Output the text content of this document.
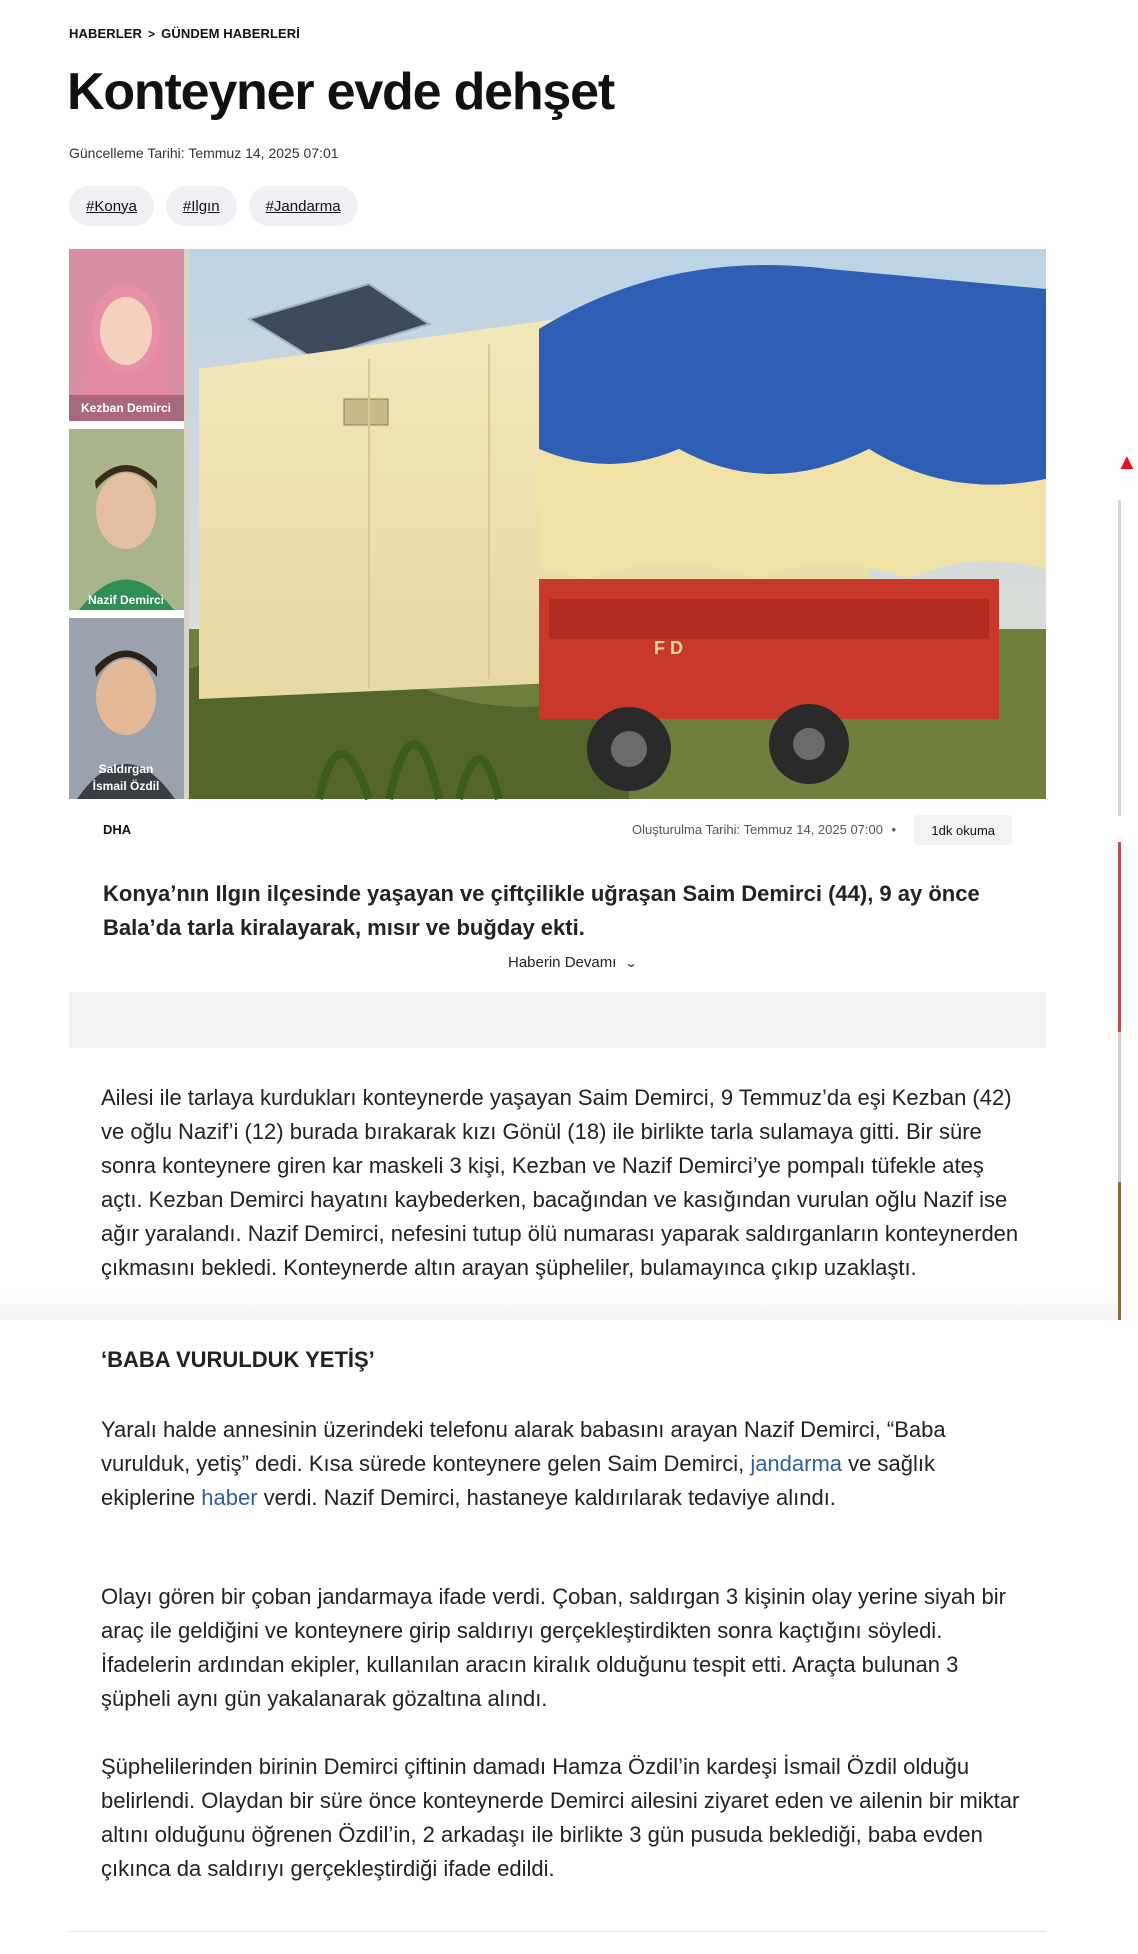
HABERLER > GÜNDEM HABERLERİ
Konteyner evde dehşet
Güncelleme Tarihi: Temmuz 14, 2025 07:01
#Konya	#Ilgın	#Jandarma
Kezban Demirci
Nazif Demirci
Saldırgan
İsmail Özdil
F D
DHA	Oluşturulma Tarihi: Temmuz 14, 2025 07:00 •	1dk okuma

Konya’nın Ilgın ilçesinde yaşayan ve çiftçilikle uğraşan Saim Demirci (44), 9 ay önce Bala’da tarla kiralayarak, mısır ve buğday ekti.

Haberin Devamı ⌄

Ailesi ile tarlaya kurdukları konteynerde yaşayan Saim Demirci, 9 Temmuz’da eşi Kezban (42) ve oğlu Nazif’i (12) burada bırakarak kızı Gönül (18) ile birlikte tarla sulamaya gitti. Bir süre sonra konteynere giren kar maskeli 3 kişi, Kezban ve Nazif Demirci’ye pompalı tüfekle ateş açtı. Kezban Demirci hayatını kaybederken, bacağından ve kasığından vurulan oğlu Nazif ise ağır yaralandı. Nazif Demirci, nefesini tutup ölü numarası yaparak saldırganların konteynerden çıkmasını bekledi. Konteynerde altın arayan şüpheliler, bulamayınca çıkıp uzaklaştı.

‘BABA VURULDUK YETİŞ’

Yaralı halde annesinin üzerindeki telefonu alarak babasını arayan Nazif Demirci, “Baba vurulduk, yetiş” dedi. Kısa sürede konteynere gelen Saim Demirci, jandarma ve sağlık ekiplerine haber verdi. Nazif Demirci, hastaneye kaldırılarak tedaviye alındı.

Olayı gören bir çoban jandarmaya ifade verdi. Çoban, saldırgan 3 kişinin olay yerine siyah bir araç ile geldiğini ve konteynere girip saldırıyı gerçekleştirdikten sonra kaçtığını söyledi. İfadelerin ardından ekipler, kullanılan aracın kiralık olduğunu tespit etti. Araçta bulunan 3 şüpheli aynı gün yakalanarak gözaltına alındı.

Şüphelilerinden birinin Demirci çiftinin damadı Hamza Özdil’in kardeşi İsmail Özdil olduğu belirlendi. Olaydan bir süre önce konteynerde Demirci ailesini ziyaret eden ve ailenin bir miktar altını olduğunu öğrenen Özdil’in, 2 arkadaşı ile birlikte 3 gün pusuda beklediği, baba evden çıkınca da saldırıyı gerçekleştirdiği ifade edildi.

▲
